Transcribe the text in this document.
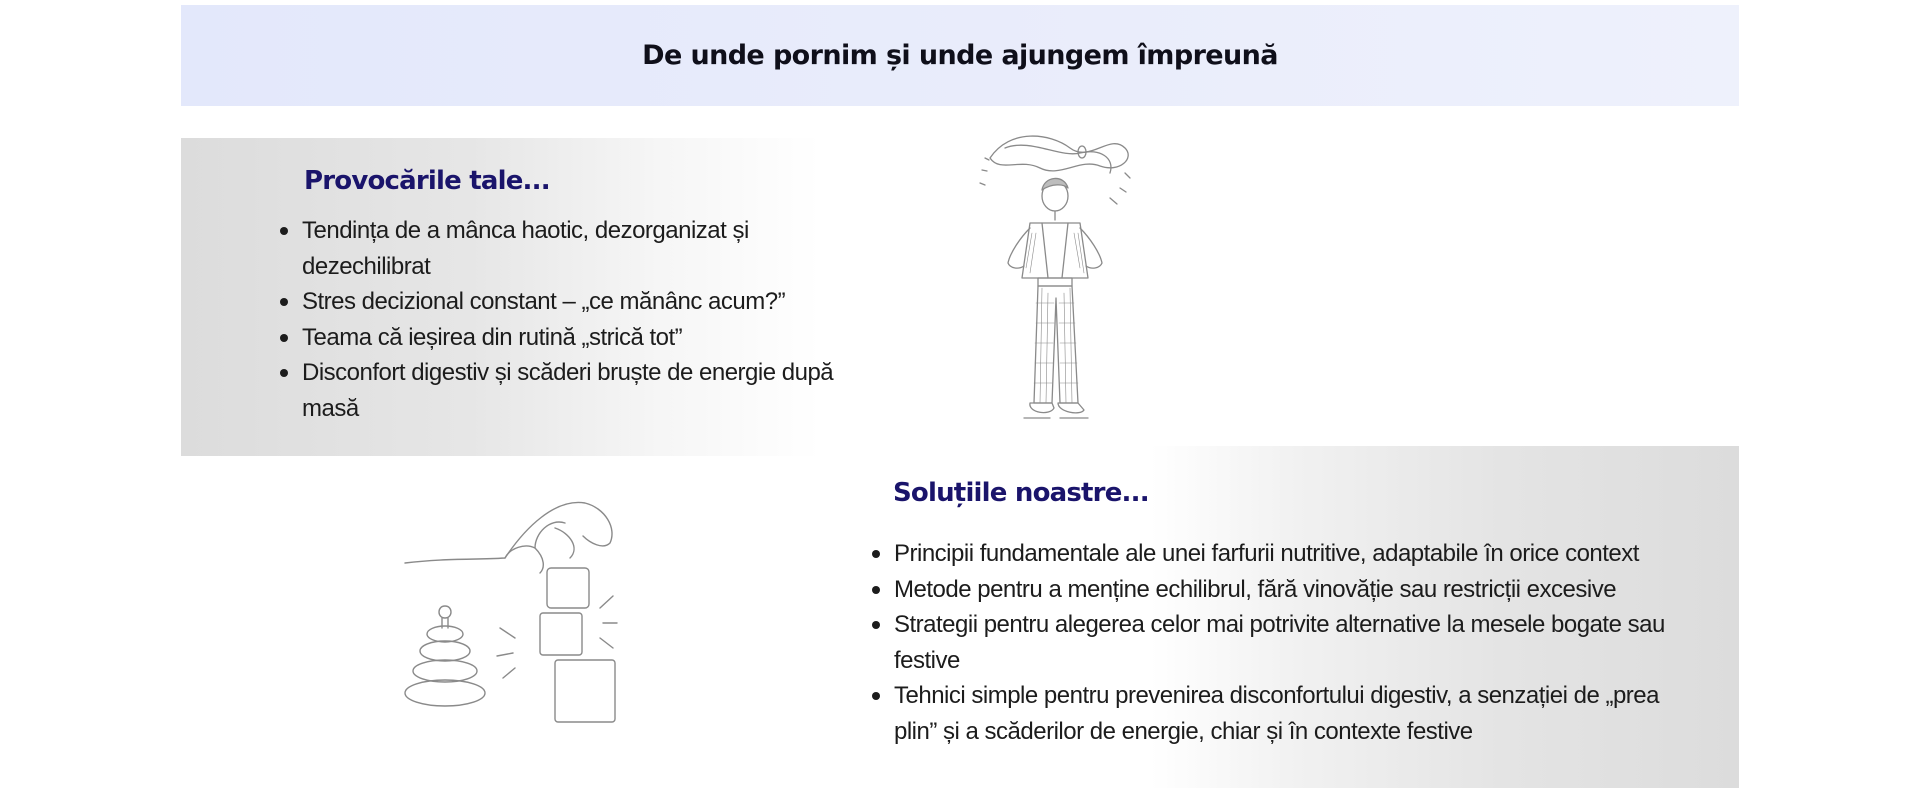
De unde pornim și unde ajungem împreună
Provocările tale...
Tendința de a mânca haotic, dezorganizat și dezechilibrat
Stres decizional constant – „ce mănânc acum?”
Teama că ieșirea din rutină „strică tot”
Disconfort digestiv și scăderi bruște de energie după masă
Soluțiile noastre...
Principii fundamentale ale unei farfurii nutritive, adaptabile în orice context
Metode pentru a menține echilibrul, fără vinovăție sau restricții excesive
Strategii pentru alegerea celor mai potrivite alternative la mesele bogate sau festive
Tehnici simple pentru prevenirea disconfortului digestiv, a senzației de „prea plin” și a scăderilor de energie, chiar și în contexte festive
